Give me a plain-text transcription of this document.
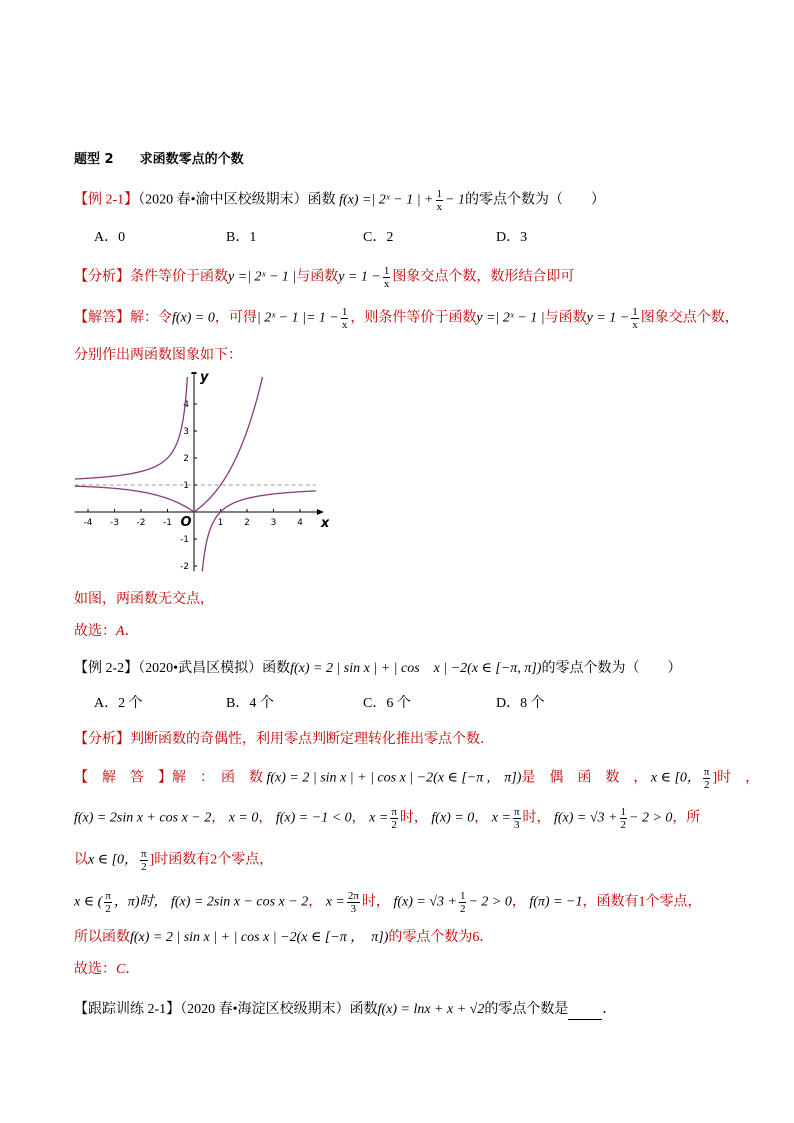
题型 2　　求函数零点的个数
【例 2-1】（2020 春•渝中区校级期末）函数 f(x) =| 2ˣ − 1 | + $\frac{1}{x} - 1$的零点个数为（　　）
A．0	B．1	C．2	D．3
【分析】条件等价于函数y =| 2ˣ − 1 |与函数$y = 1 - \frac{1}{x}$ 图象交点个数，数形结合即可
【解答】解：令f(x) = 0，可得| 2ˣ − 1 |= $1 - \frac{1}{x}$ ，则条件等价于函数y =| 2ˣ − 1 |与函数$y = 1 - \frac{1}{x}$ 图象交点个数，
分别作出两函数图象如下：
-4 -3 -2 -1	1 2 3 4
-2
-1
1
2
3
4
O	x
y
如图，两函数无交点，
故选：A．
【例 2-2】（2020•武昌区模拟）函数f(x) = 2 | sin x | + | cos　x | −2(x ∈ [−π, π])的零点个数为（　　）
A．2 个	B．4 个	C．6 个	D．8 个
【分析】判断函数的奇偶性，利用零点判断定理转化推出零点个数．
【　解　答　】解　：　函　数 f(x) = 2 | sin x | + | cos x | −2(x ∈ [−π ,　π])是　偶　函　数　， x ∈ [0， $\frac{\pi}{2}$ ]时　，
f(x) = 2sin x + cos x − 2， x = 0， f(x) = −1 < 0， $x = \frac{\pi}{2}$ 时， f(x) = 0， $x = \frac{\pi}{3}$ 时， $f(x) = √3 + \frac{1}{2} - 2 > 0$，所
以x ∈ [0， $\frac{\pi}{2}$ ]时函数有2个零点，
x ∈ ( $\frac{\pi}{2}$ ，π)时， f(x) = 2sin x − cos x − 2， $x = \frac{2\pi}{3}$ 时， $f(x) = √3 + \frac{1}{2} - 2 > 0$， f(π) = −1，函数有1个零点，
所以函数f(x) = 2 | sin x | + | cos x | −2(x ∈ [−π ，　π])的零点个数为6．
故选：C．
【跟踪训练 2-1】（2020 春•海淀区校级期末）函数f(x) = lnx + x + √2的零点个数是 ．
